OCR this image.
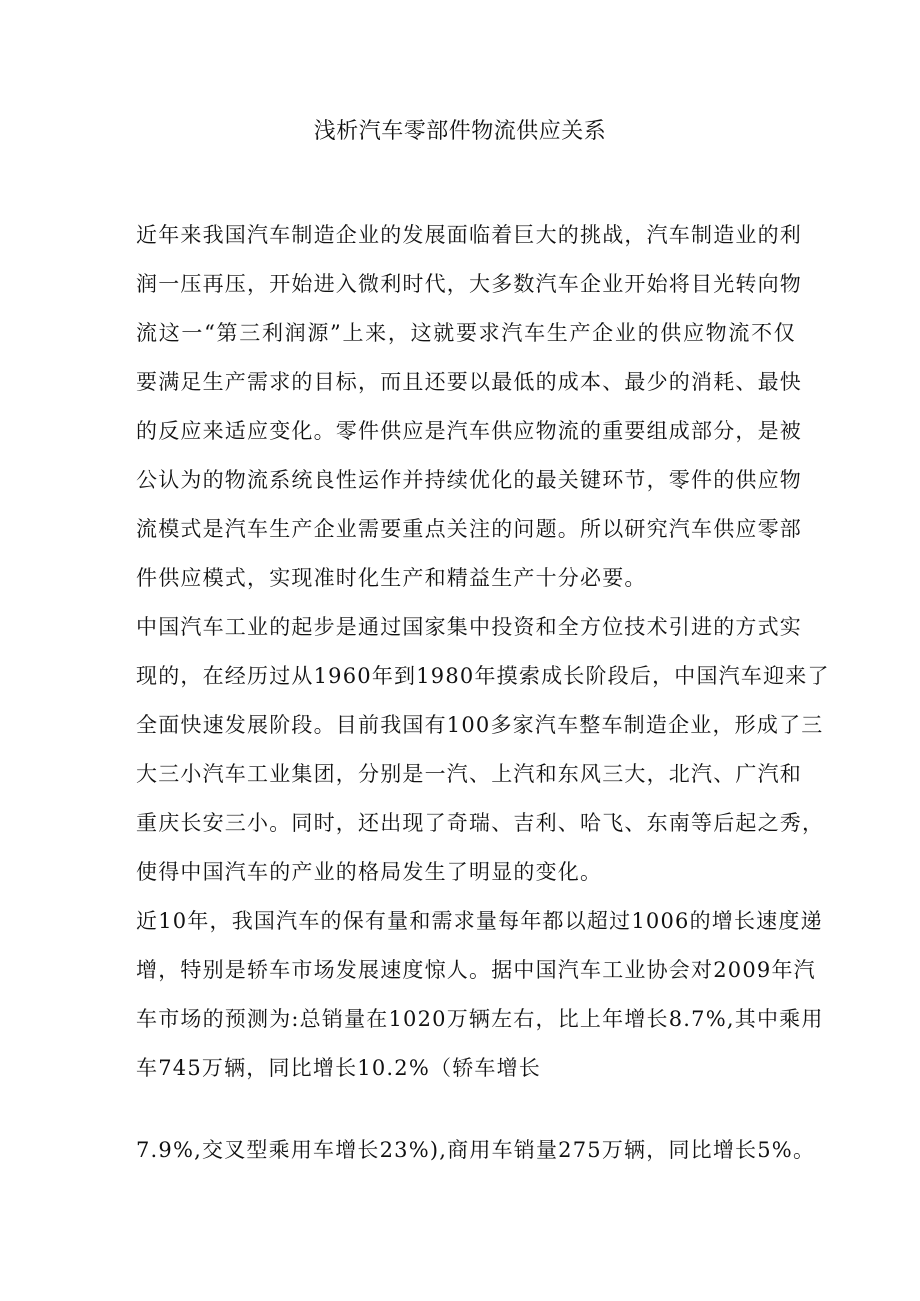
浅析汽车零部件物流供应关系
近年来我国汽车制造企业的发展面临着巨大的挑战，汽车制造业的利
润一压再压，开始进入微利时代，大多数汽车企业开始将目光转向物
流这一“第三利润源”上来，这就要求汽车生产企业的供应物流不仅
要满足生产需求的目标，而且还要以最低的成本、最少的消耗、最快
的反应来适应变化。零件供应是汽车供应物流的重要组成部分，是被
公认为的物流系统良性运作并持续优化的最关键环节，零件的供应物
流模式是汽车生产企业需要重点关注的问题。所以研究汽车供应零部
件供应模式，实现准时化生产和精益生产十分必要。
中国汽车工业的起步是通过国家集中投资和全方位技术引进的方式实
现的，在经历过从1960年到1980年摸索成长阶段后，中国汽车迎来了
全面快速发展阶段。目前我国有100多家汽车整车制造企业，形成了三
大三小汽车工业集团，分别是一汽、上汽和东风三大，北汽、广汽和
重庆长安三小。同时，还出现了奇瑞、吉利、哈飞、东南等后起之秀，
使得中国汽车的产业的格局发生了明显的变化。
近10年，我国汽车的保有量和需求量每年都以超过1006的增长速度递
增，特别是轿车市场发展速度惊人。据中国汽车工业协会对2009年汽
车市场的预测为:总销量在1020万辆左右，比上年增长8.7%,其中乘用
车745万辆，同比增长10.2%（轿车增长
7.9%,交叉型乘用车增长23%),商用车销量275万辆，同比增长5%。
